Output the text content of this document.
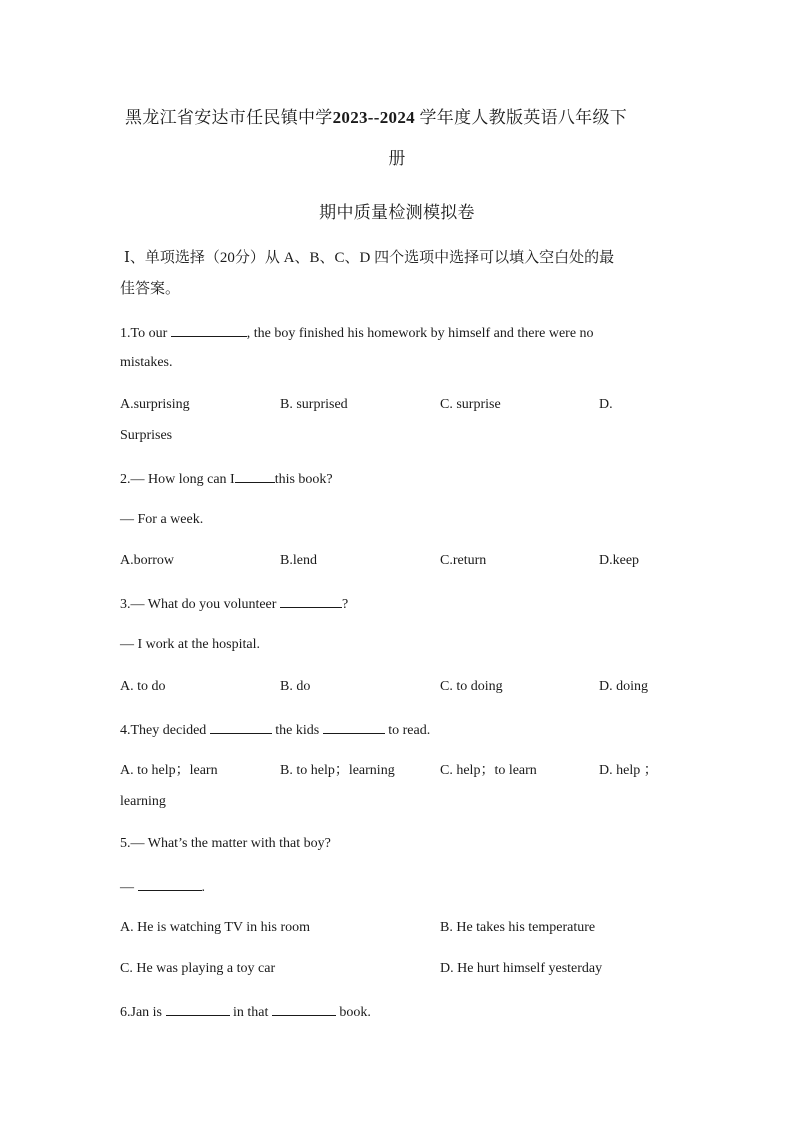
黑龙江省安达市任民镇中学2023--2024 学年度人教版英语八年级下
册
期中质量检测模拟卷
Ⅰ、单项选择（20分）从 A、B、C、D 四个选项中选择可以填入空白处的最
佳答案。
1.To our	, the boy finished his homework by himself and there were no
mistakes.
A.surprising	B. surprised	C. surprise	D.
Surprises
2.— How long can I	this book?
— For a week.
A.borrow	B.lend	C.return	D.keep
3.— What do you volunteer	?
— I work at the hospital.
A. to do	B. do	C. to doing	D. doing
4.They decided	the kids	to read.
A. to help；learn	B. to help；learning	C. help；to learn	D. help ；
learning
5.— What’s the matter with that boy?
—	.
A. He is watching TV in his room	B. He takes his temperature
C. He was playing a toy car	D. He hurt himself yesterday
6.Jan is	in that	book.
